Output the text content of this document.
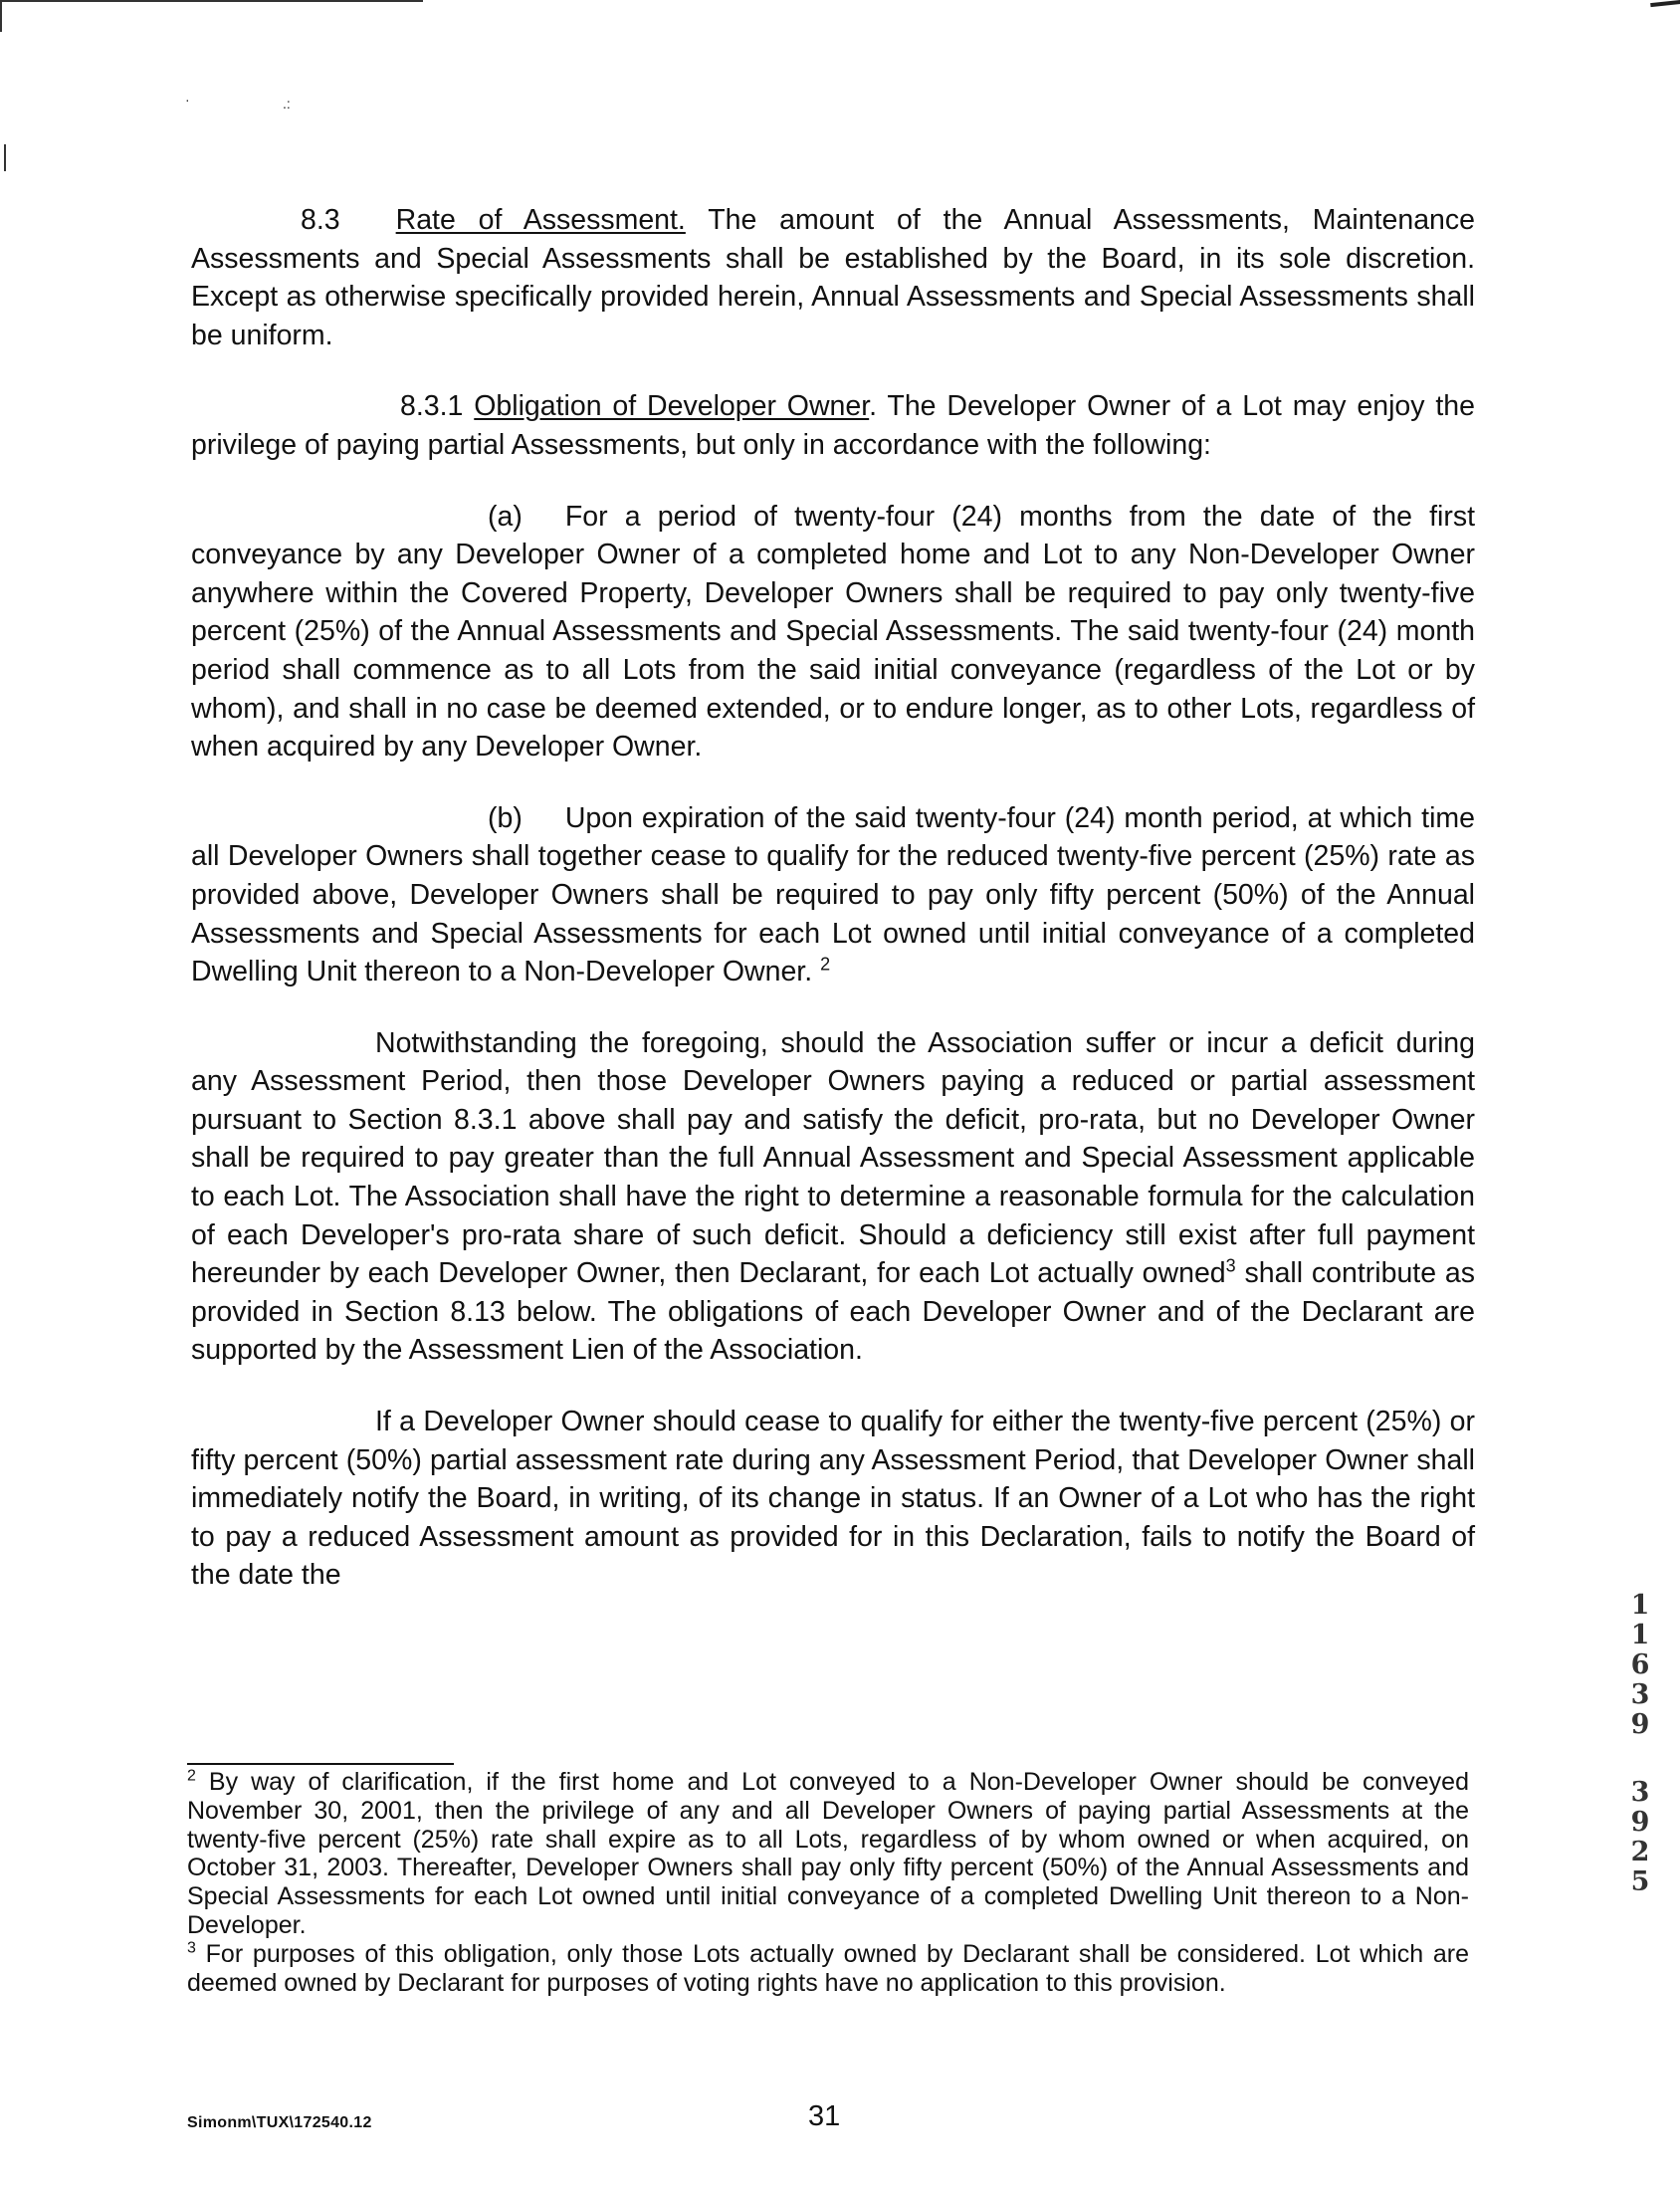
·	.:

8.3 Rate of Assessment. The amount of the Annual Assessments, Maintenance Assessments and Special Assessments shall be established by the Board, in its sole discretion. Except as otherwise specifically provided herein, Annual Assessments and Special Assessments shall be uniform.

8.3.1 Obligation of Developer Owner. The Developer Owner of a Lot may enjoy the privilege of paying partial Assessments, but only in accordance with the following:

(a) For a period of twenty-four (24) months from the date of the first conveyance by any Developer Owner of a completed home and Lot to any Non-Developer Owner anywhere within the Covered Property, Developer Owners shall be required to pay only twenty-five percent (25%) of the Annual Assessments and Special Assessments. The said twenty-four (24) month period shall commence as to all Lots from the said initial conveyance (regardless of the Lot or by whom), and shall in no case be deemed extended, or to endure longer, as to other Lots, regardless of when acquired by any Developer Owner.

(b) Upon expiration of the said twenty-four (24) month period, at which time all Developer Owners shall together cease to qualify for the reduced twenty-five percent (25%) rate as provided above, Developer Owners shall be required to pay only fifty percent (50%) of the Annual Assessments and Special Assessments for each Lot owned until initial conveyance of a completed Dwelling Unit thereon to a Non-Developer Owner. $^2$

Notwithstanding the foregoing, should the Association suffer or incur a deficit during any Assessment Period, then those Developer Owners paying a reduced or partial assessment pursuant to Section 8.3.1 above shall pay and satisfy the deficit, pro-rata, but no Developer Owner shall be required to pay greater than the full Annual Assessment and Special Assessment applicable to each Lot. The Association shall have the right to determine a reasonable formula for the calculation of each Developer's pro-rata share of such deficit. Should a deficiency still exist after full payment hereunder by each Developer Owner, then Declarant, for each Lot actually owned$^3$ shall contribute as provided in Section 8.13 below. The obligations of each Developer Owner and of the Declarant are supported by the Assessment Lien of the Association.

If a Developer Owner should cease to qualify for either the twenty-five percent (25%) or fifty percent (50%) partial assessment rate during any Assessment Period, that Developer Owner shall immediately notify the Board, in writing, of its change in status. If an Owner of a Lot who has the right to pay a reduced Assessment amount as provided for in this Declaration, fails to notify the Board of the date the

$^2$ By way of clarification, if the first home and Lot conveyed to a Non-Developer Owner should be conveyed November 30, 2001, then the privilege of any and all Developer Owners of paying partial Assessments at the twenty-five percent (25%) rate shall expire as to all Lots, regardless of by whom owned or when acquired, on October 31, 2003. Thereafter, Developer Owners shall pay only fifty percent (50%) of the Annual Assessments and Special Assessments for each Lot owned until initial conveyance of a completed Dwelling Unit thereon to a Non-Developer.

$^3$ For purposes of this obligation, only those Lots actually owned by Declarant shall be considered. Lot which are deemed owned by Declarant for purposes of voting rights have no application to this provision.

Simonm\TUX\172540.12	31
1
1
6
3
9
3
9
2
5
